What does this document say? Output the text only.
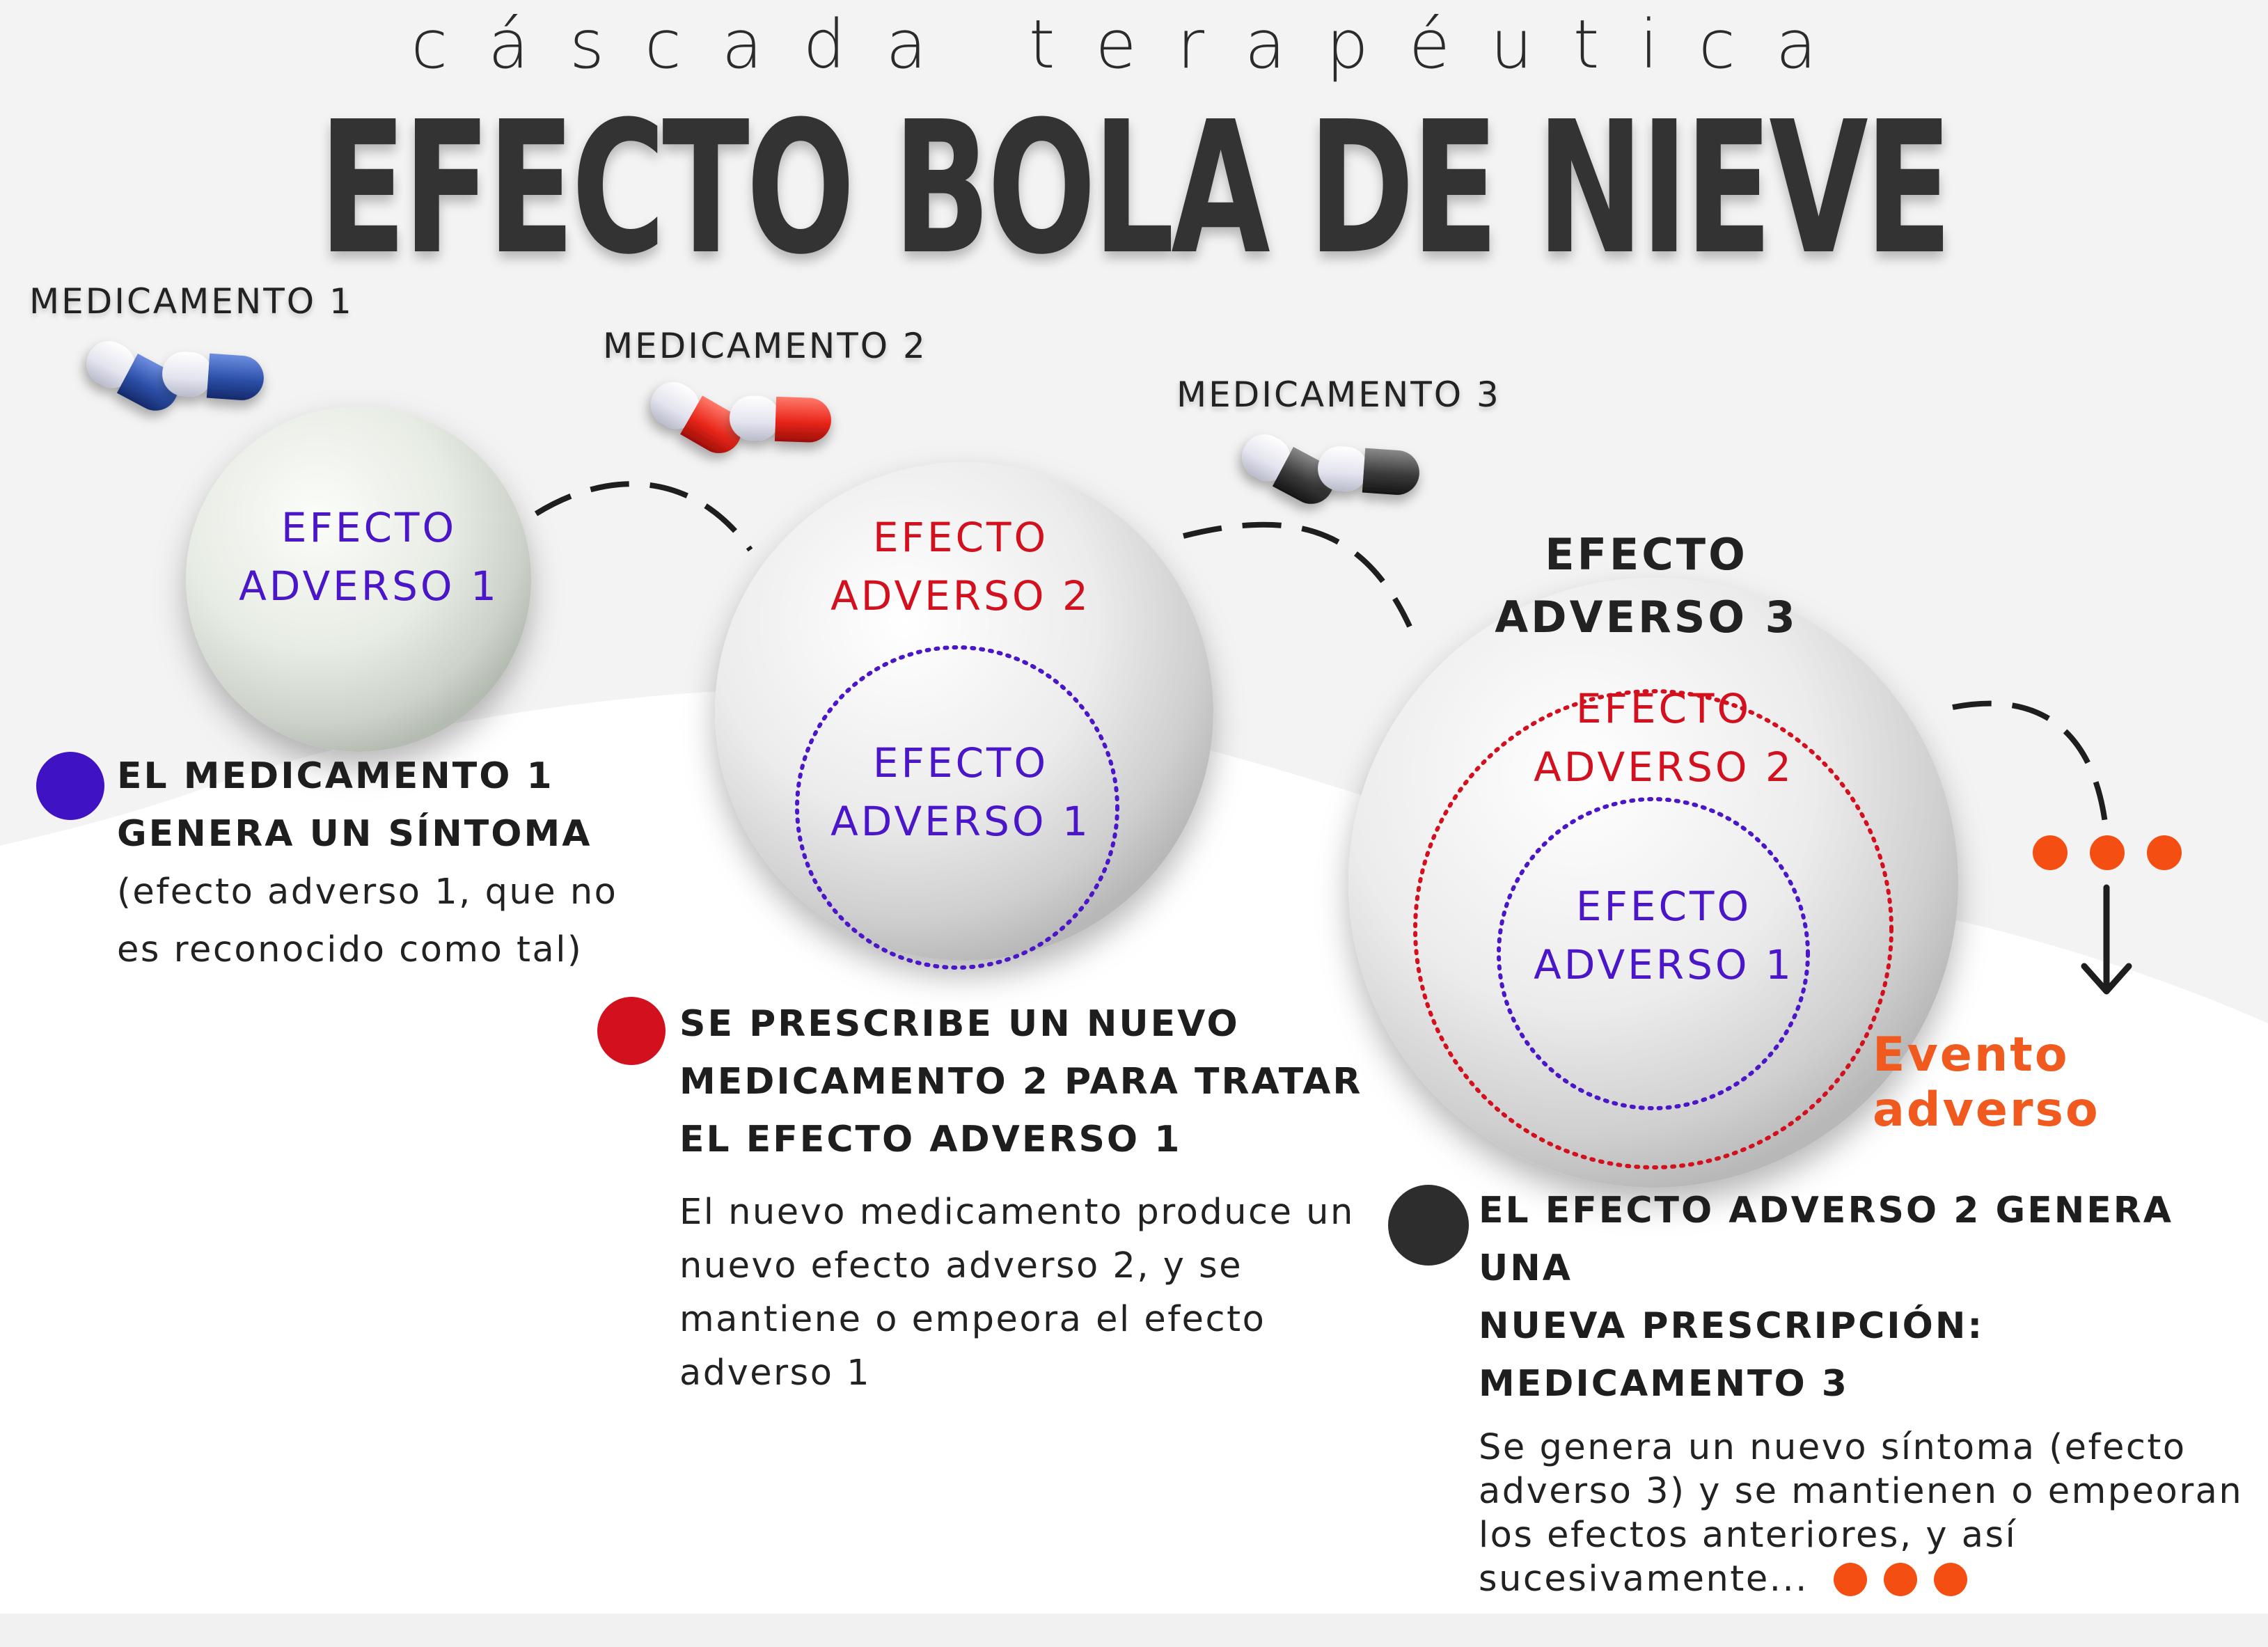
cáscada terapéutica
EFECTO BOLA DE NIEVE
MEDICAMENTO 1
MEDICAMENTO 2
MEDICAMENTO 3
EFECTO
ADVERSO 1
EFECTO
ADVERSO 2
EFECTO
ADVERSO 1
EFECTO
ADVERSO 3
EFECTO
ADVERSO 2
EFECTO
ADVERSO 1
Evento adverso
EL MEDICAMENTO 1
GENERA UN SÍNTOMA
(efecto adverso 1, que no
es reconocido como tal)
SE PRESCRIBE UN NUEVO
MEDICAMENTO 2 PARA TRATAR
EL EFECTO ADVERSO 1
El nuevo medicamento produce un
nuevo efecto adverso 2, y se
mantiene o empeora el efecto
adverso 1
EL EFECTO ADVERSO 2 GENERA UNA
NUEVA PRESCRIPCIÓN:
MEDICAMENTO 3
Se genera un nuevo síntoma (efecto
adverso 3) y se mantienen o empeoran
los efectos anteriores, y así
sucesivamente...
